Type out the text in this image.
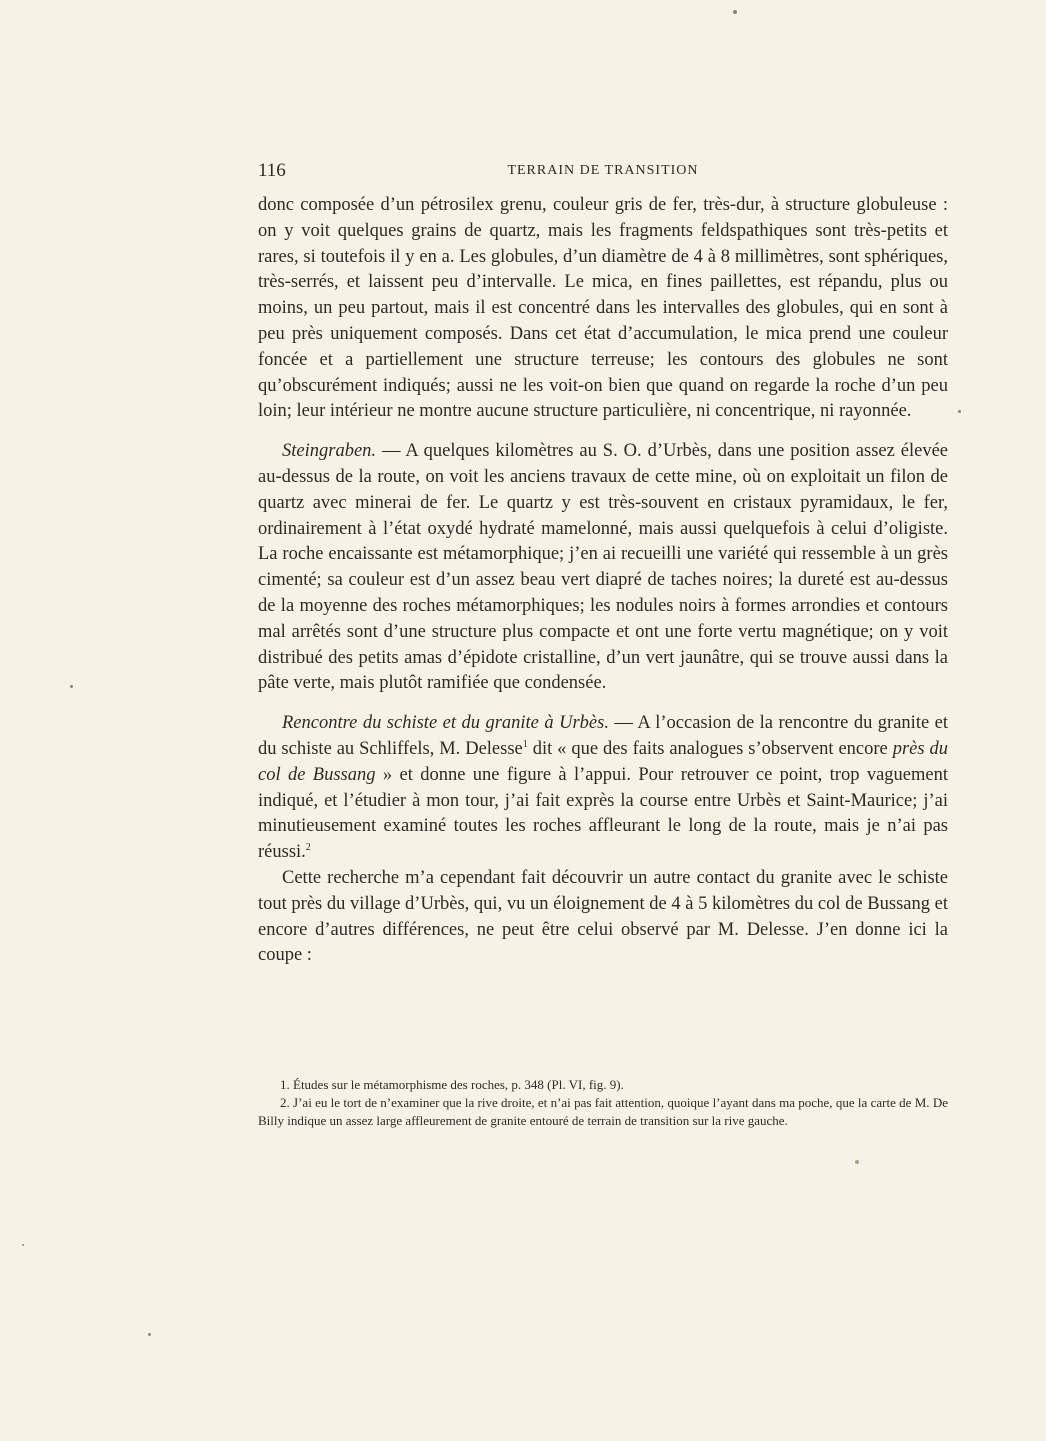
116	TERRAIN DE TRANSITION

donc composée d’un pétrosilex grenu, couleur gris de fer, très-dur, à structure globuleuse : on y voit quelques grains de quartz, mais les fragments feldspathiques sont très-petits et rares, si toutefois il y en a. Les globules, d’un diamètre de 4 à 8 millimètres, sont sphériques, très-serrés, et laissent peu d’intervalle. Le mica, en fines paillettes, est répandu, plus ou moins, un peu partout, mais il est concentré dans les intervalles des globules, qui en sont à peu près uniquement composés. Dans cet état d’accumulation, le mica prend une couleur foncée et a partiellement une structure terreuse; les contours des globules ne sont qu’obscurément indiqués; aussi ne les voit-on bien que quand on regarde la roche d’un peu loin; leur intérieur ne montre aucune structure particulière, ni concentrique, ni rayonnée.

Steingraben. — A quelques kilomètres au S. O. d’Urbès, dans une position assez élevée au-dessus de la route, on voit les anciens travaux de cette mine, où on exploitait un filon de quartz avec minerai de fer. Le quartz y est très-souvent en cristaux pyramidaux, le fer, ordinairement à l’état oxydé hydraté mamelonné, mais aussi quelquefois à celui d’oligiste. La roche encaissante est métamorphique; j’en ai recueilli une variété qui ressemble à un grès cimenté; sa couleur est d’un assez beau vert diapré de taches noires; la dureté est au-dessus de la moyenne des roches métamorphiques; les nodules noirs à formes arrondies et contours mal arrêtés sont d’une structure plus compacte et ont une forte vertu magnétique; on y voit distribué des petits amas d’épidote cristalline, d’un vert jaunâtre, qui se trouve aussi dans la pâte verte, mais plutôt ramifiée que condensée.

Rencontre du schiste et du granite à Urbès. — A l’occasion de la rencontre du granite et du schiste au Schliffels, M. Delesse$^1$ dit « que des faits analogues s’observent encore près du col de Bussang » et donne une figure à l’appui. Pour retrouver ce point, trop vaguement indiqué, et l’étudier à mon tour, j’ai fait exprès la course entre Urbès et Saint-Maurice; j’ai minutieusement examiné toutes les roches affleurant le long de la route, mais je n’ai pas réussi.$^2$

Cette recherche m’a cependant fait découvrir un autre contact du granite avec le schiste tout près du village d’Urbès, qui, vu un éloignement de 4 à 5 kilomètres du col de Bussang et encore d’autres différences, ne peut être celui observé par M. Delesse. J’en donne ici la coupe :

1. Études sur le métamorphisme des roches, p. 348 (Pl. VI, fig. 9).

2. J’ai eu le tort de n’examiner que la rive droite, et n’ai pas fait attention, quoique l’ayant dans ma poche, que la carte de M. De Billy indique un assez large affleurement de granite entouré de terrain de transition sur la rive gauche.
